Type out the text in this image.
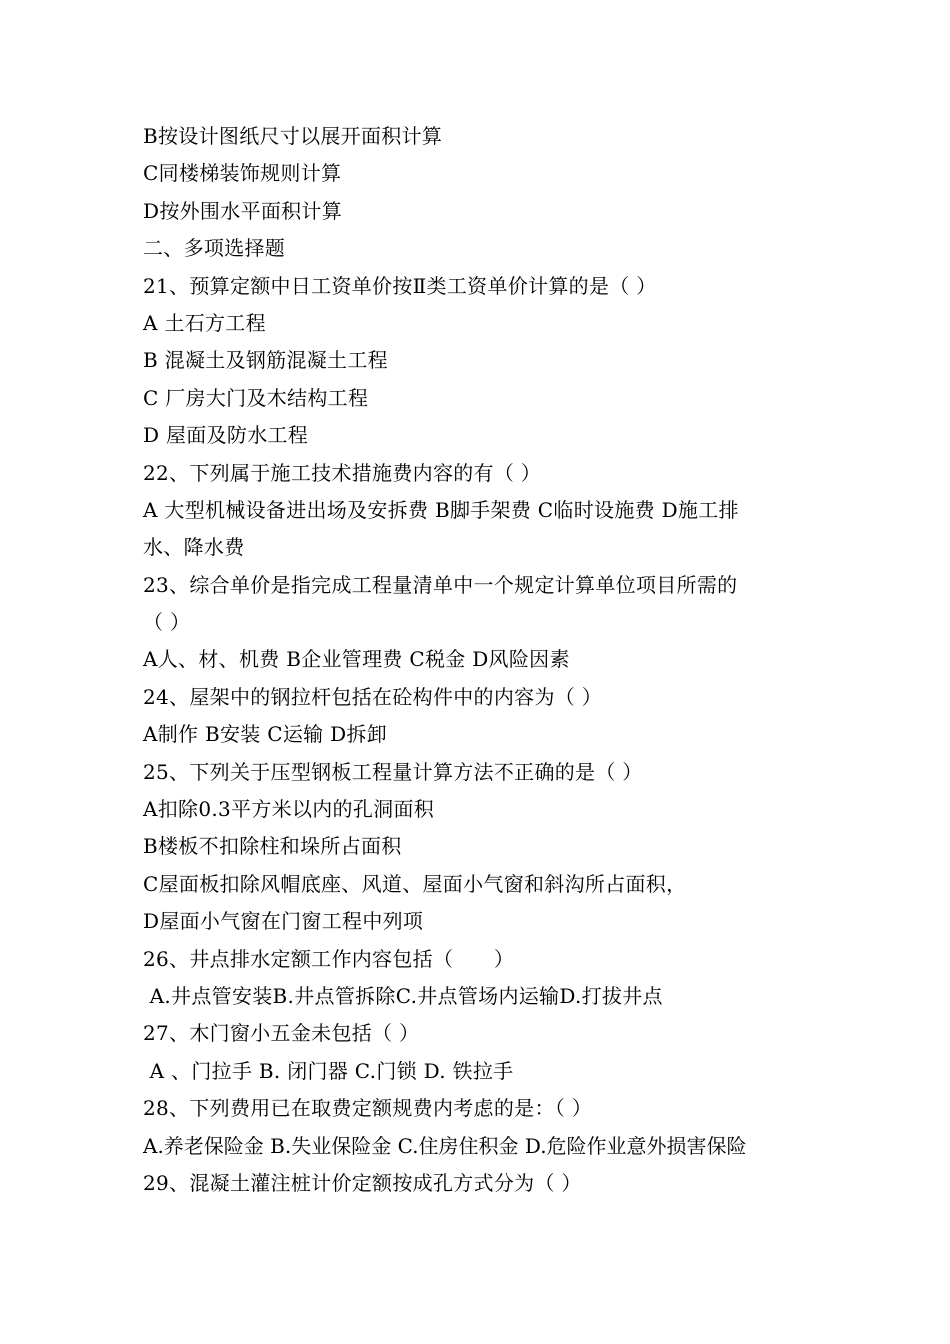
B按设计图纸尺寸以展开面积计算
C同楼梯装饰规则计算
D按外围水平面积计算
二、多项选择题
21、预算定额中日工资单价按Ⅱ类工资单价计算的是（ ）
A 土石方工程
B 混凝土及钢筋混凝土工程
C 厂房大门及木结构工程
D 屋面及防水工程
22、下列属于施工技术措施费内容的有（ ）
A 大型机械设备进出场及安拆费 B脚手架费 C临时设施费 D施工排
水、降水费
23、综合单价是指完成工程量清单中一个规定计算单位项目所需的
（ ）
A人、材、机费 B企业管理费 C税金 D风险因素
24、屋架中的钢拉杆包括在砼构件中的内容为（ ）
A制作 B安装 C运输 D拆卸
25、下列关于压型钢板工程量计算方法不正确的是（ ）
A扣除0.3平方米以内的孔洞面积
B楼板不扣除柱和垛所占面积
C屋面板扣除风帽底座、风道、屋面小气窗和斜沟所占面积，
D屋面小气窗在门窗工程中列项
26、井点排水定额工作内容包括（　　）
A.井点管安装B.井点管拆除C.井点管场内运输D.打拔井点
27、木门窗小五金未包括（ ）
A 、门拉手 B. 闭门器 C.门锁 D. 铁拉手
28、下列费用已在取费定额规费内考虑的是：（ ）
A.养老保险金 B.失业保险金 C.住房住积金 D.危险作业意外损害保险
29、混凝土灌注桩计价定额按成孔方式分为（ ）
